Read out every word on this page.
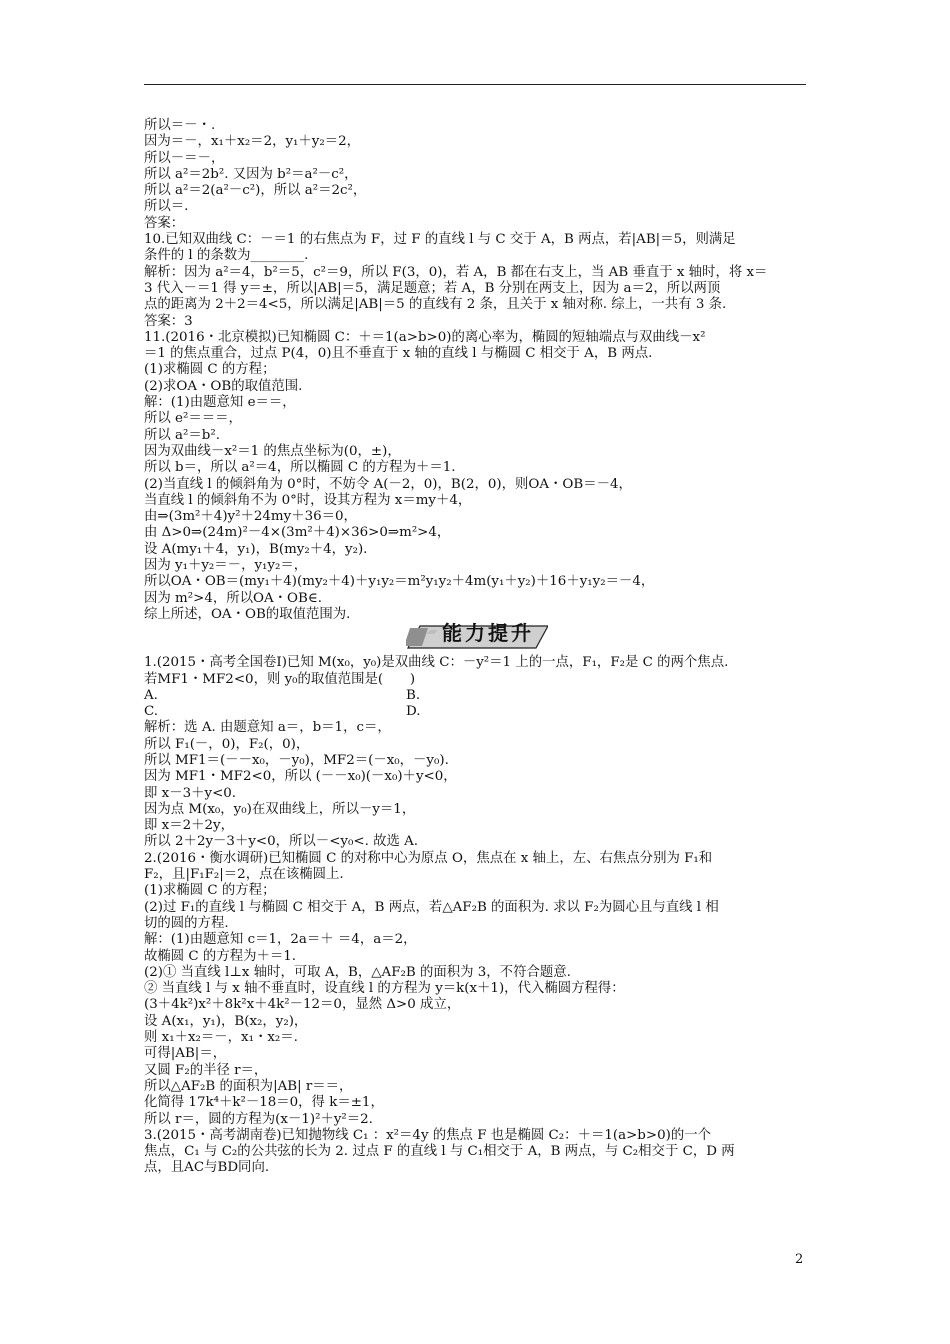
所以＝－・.
因为＝－，x₁＋x₂＝2，y₁＋y₂＝2，
所以－＝－，
所以 a²＝2b². 又因为 b²＝a²－c²，
所以 a²＝2(a²－c²)，所以 a²＝2c²，
所以＝.
答案：
10.已知双曲线 C：－＝1 的右焦点为 F，过 F 的直线 l 与 C 交于 A，B 两点，若|AB|＝5，则满足
条件的 l 的条数为________.
解析：因为 a²＝4，b²＝5，c²＝9，所以 F(3，0)，若 A，B 都在右支上，当 AB 垂直于 x 轴时，将 x＝
3 代入－＝1 得 y＝±，所以|AB|＝5，满足题意；若 A，B 分别在两支上，因为 a＝2，所以两顶
点的距离为 2＋2＝4<5，所以满足|AB|＝5 的直线有 2 条，且关于 x 轴对称. 综上，一共有 3 条.
答案：3
11.(2016・北京模拟)已知椭圆 C：＋＝1(a>b>0)的离心率为，椭圆的短轴端点与双曲线－x²
＝1 的焦点重合，过点 P(4，0)且不垂直于 x 轴的直线 l 与椭圆 C 相交于 A，B 两点.
(1)求椭圆 C 的方程；
(2)求OA・OB的取值范围.
解：(1)由题意知 e＝＝，
所以 e²＝＝＝，
所以 a²＝b².
因为双曲线－x²＝1 的焦点坐标为(0，±)，
所以 b＝，所以 a²＝4，所以椭圆 C 的方程为＋＝1.
(2)当直线 l 的倾斜角为 0°时，不妨令 A(－2，0)，B(2，0)，则OA・OB＝－4，
当直线 l 的倾斜角不为 0°时，设其方程为 x＝my＋4，
由⇒(3m²＋4)y²＋24my＋36＝0，
由 Δ>0⇒(24m)²－4×(3m²＋4)×36>0⇒m²>4，
设 A(my₁＋4，y₁)，B(my₂＋4，y₂).
因为 y₁＋y₂＝－，y₁y₂＝，
所以OA・OB＝(my₁＋4)(my₂＋4)＋y₁y₂＝m²y₁y₂＋4m(y₁＋y₂)＋16＋y₁y₂＝－4，
因为 m²>4，所以OA・OB∈.
综上所述，OA・OB的取值范围为.
能力提升
1.(2015・高考全国卷Ⅰ)已知 M(x₀，y₀)是双曲线 C：－y²＝1 上的一点，F₁，F₂是 C 的两个焦点.
若MF1・MF2<0，则 y₀的取值范围是(　　)
A.	B.
C.	D.
解析：选 A. 由题意知 a＝，b＝1，c＝，
所以 F₁(－，0)，F₂(，0)，
所以 MF1＝(－－x₀，－y₀)，MF2＝(－x₀，－y₀).
因为 MF1・MF2<0，所以 (－－x₀)(－x₀)＋y<0，
即 x－3＋y<0.
因为点 M(x₀，y₀)在双曲线上，所以－y＝1，
即 x＝2＋2y，
所以 2＋2y－3＋y<0，所以－<y₀<. 故选 A.
2.(2016・衡水调研)已知椭圆 C 的对称中心为原点 O，焦点在 x 轴上，左、右焦点分别为 F₁和
F₂，且|F₁F₂|＝2，点在该椭圆上.
(1)求椭圆 C 的方程；
(2)过 F₁的直线 l 与椭圆 C 相交于 A，B 两点，若△AF₂B 的面积为. 求以 F₂为圆心且与直线 l 相
切的圆的方程.
解：(1)由题意知 c＝1，2a＝＋ ＝4，a＝2，
故椭圆 C 的方程为＋＝1.
(2)① 当直线 l⊥x 轴时，可取 A，B，△AF₂B 的面积为 3，不符合题意.
② 当直线 l 与 x 轴不垂直时，设直线 l 的方程为 y＝k(x＋1)，代入椭圆方程得：
(3＋4k²)x²＋8k²x＋4k²－12＝0，显然 Δ>0 成立，
设 A(x₁，y₁)，B(x₂，y₂)，
则 x₁＋x₂＝－，x₁・x₂＝.
可得|AB|＝，
又圆 F₂的半径 r＝，
所以△AF₂B 的面积为|AB| r＝＝，
化简得 17k⁴＋k²－18＝0，得 k＝±1，
所以 r＝，圆的方程为(x－1)²＋y²＝2.
3.(2015・高考湖南卷)已知抛物线 C₁ ：x²＝4y 的焦点 F 也是椭圆 C₂：＋＝1(a>b>0)的一个
焦点，C₁ 与 C₂的公共弦的长为 2. 过点 F 的直线 l 与 C₁相交于 A，B 两点，与 C₂相交于 C，D 两
点，且AC与BD同向.
2
